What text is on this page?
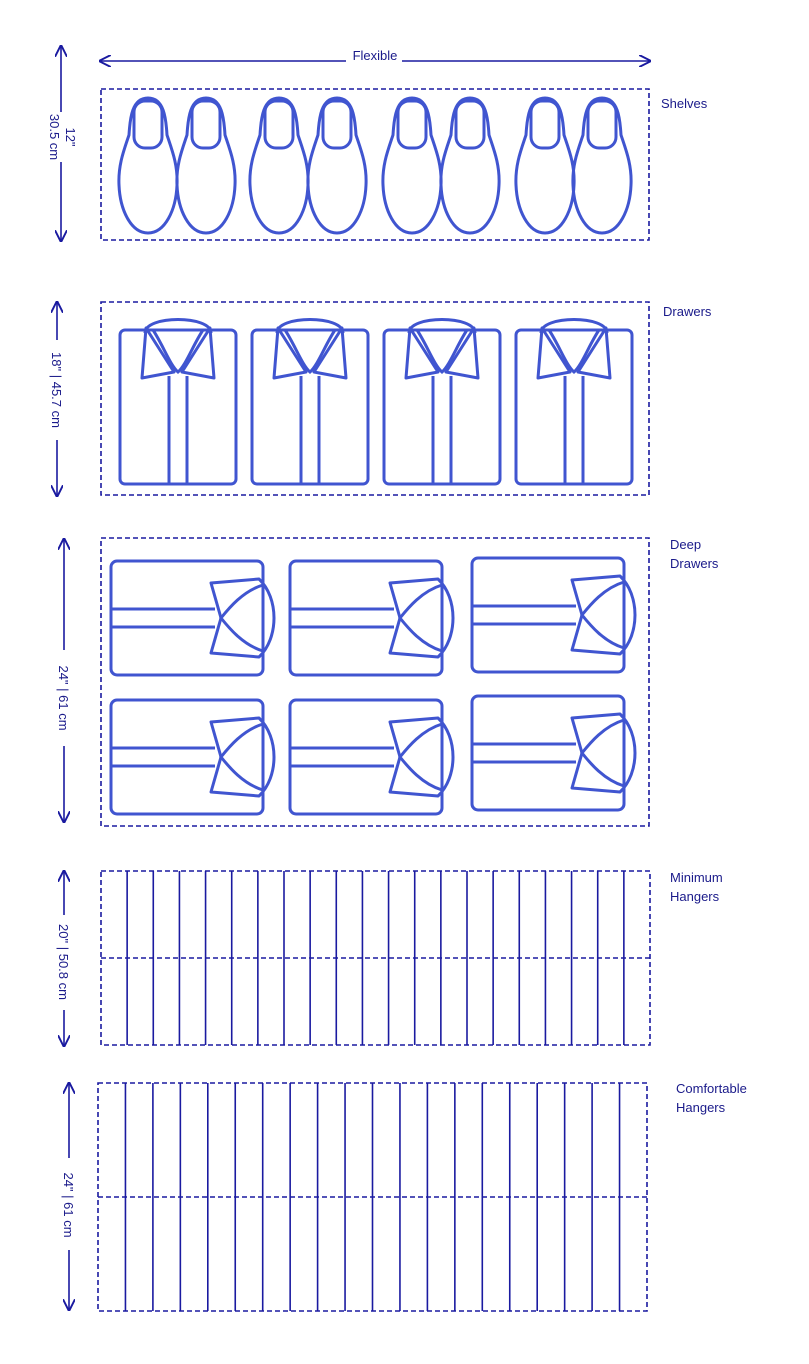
Flexible
Shelves
12"
30.5 cm
Drawers
18" | 45.7 cm
Deep
Drawers
24" | 61 cm
Minimum
Hangers
20" | 50.8 cm
Comfortable
Hangers
24" | 61 cm
